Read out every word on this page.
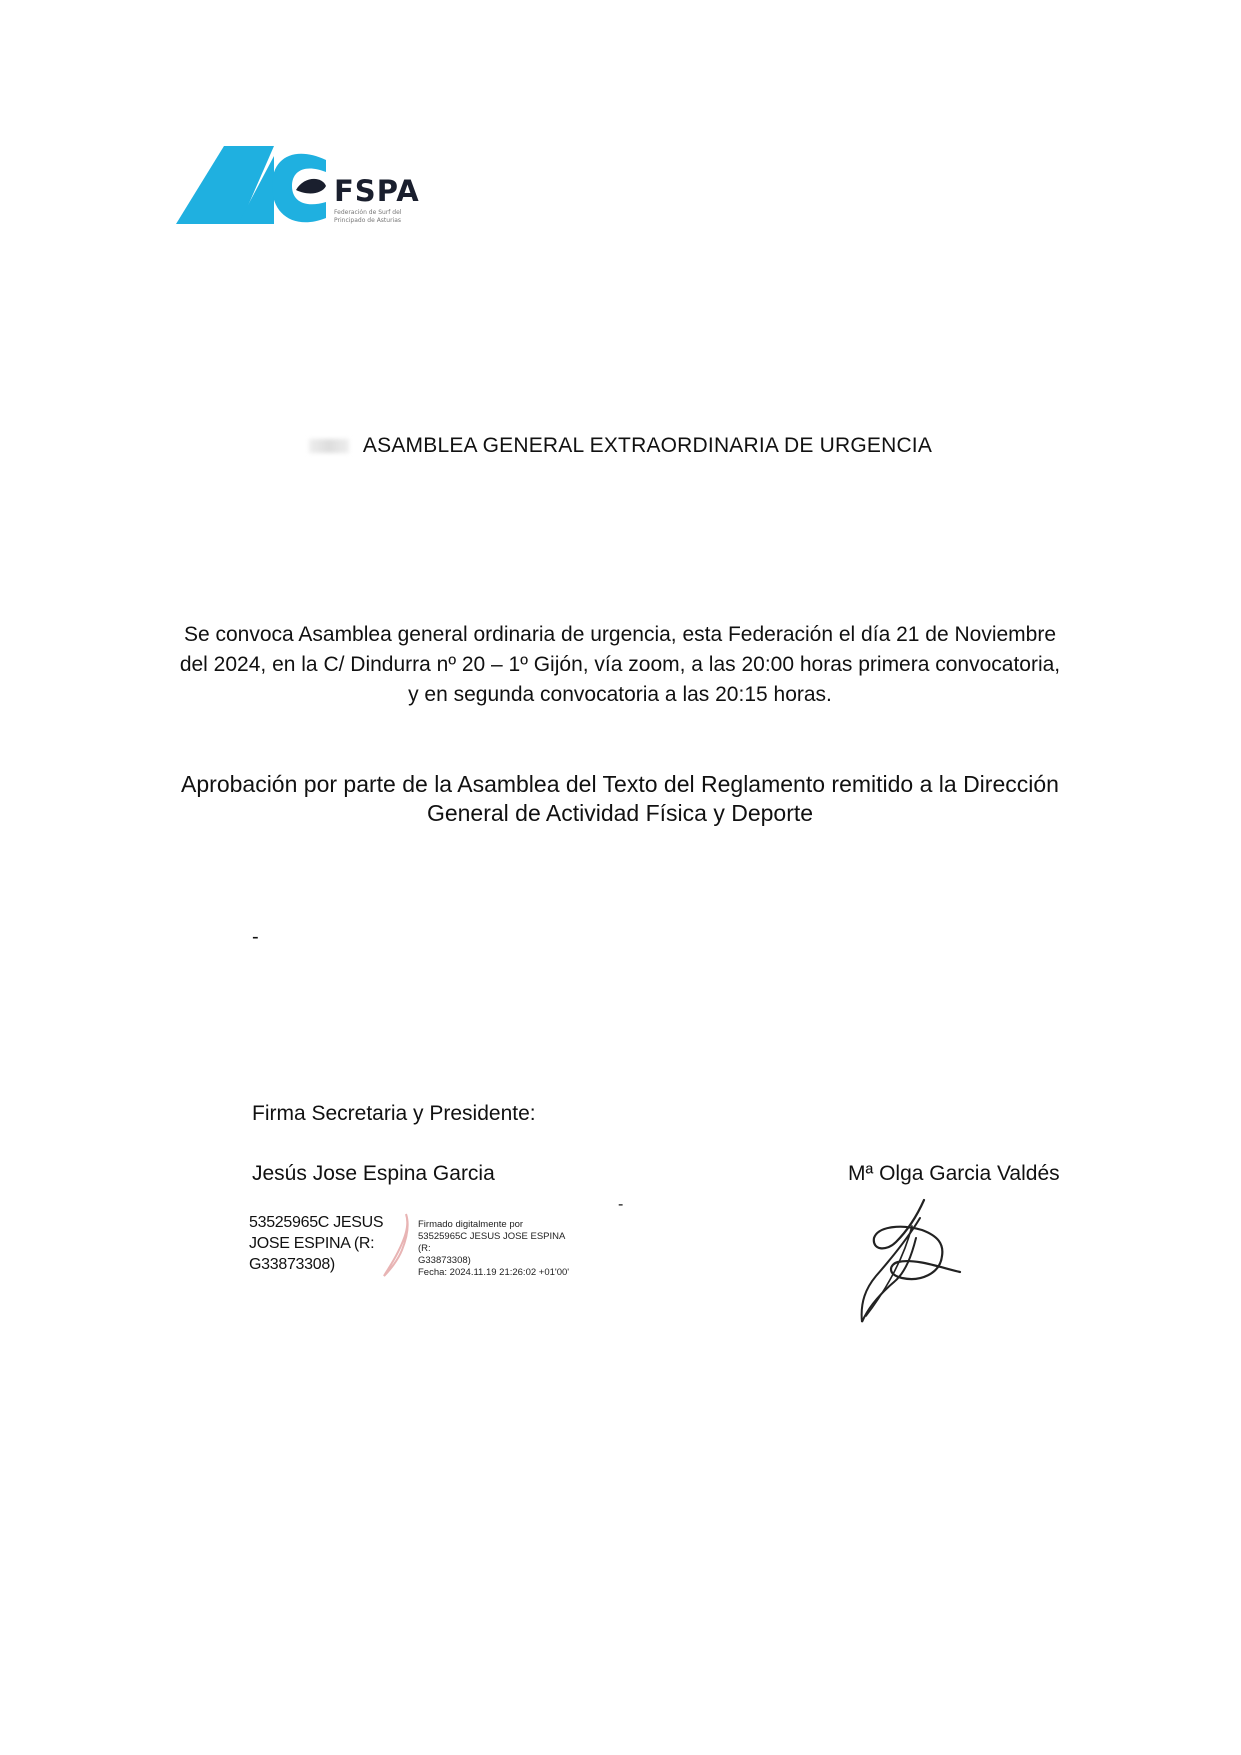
FSPA
Federación de Surf del Principado de Asturias
ASAMBLEA GENERAL EXTRAORDINARIA DE URGENCIA
Se convoca Asamblea general ordinaria de urgencia, esta Federación el día 21 de Noviembre
del 2024, en la C/ Dindurra nº 20 – 1º Gijón, vía zoom, a las 20:00 horas primera convocatoria,
y en segunda convocatoria a las 20:15 horas.
Aprobación por parte de la Asamblea del Texto del Reglamento remitido a la Dirección
General de Actividad Física y Deporte
-
Firma Secretaria y Presidente:
Jesús Jose Espina Garcia	Mª Olga Garcia Valdés
53525965C JESUS
JOSE ESPINA (R:
G33873308)
Firmado digitalmente por
53525965C JESUS JOSE ESPINA (R:
G33873308)
Fecha: 2024.11.19 21:26:02 +01'00'
-
